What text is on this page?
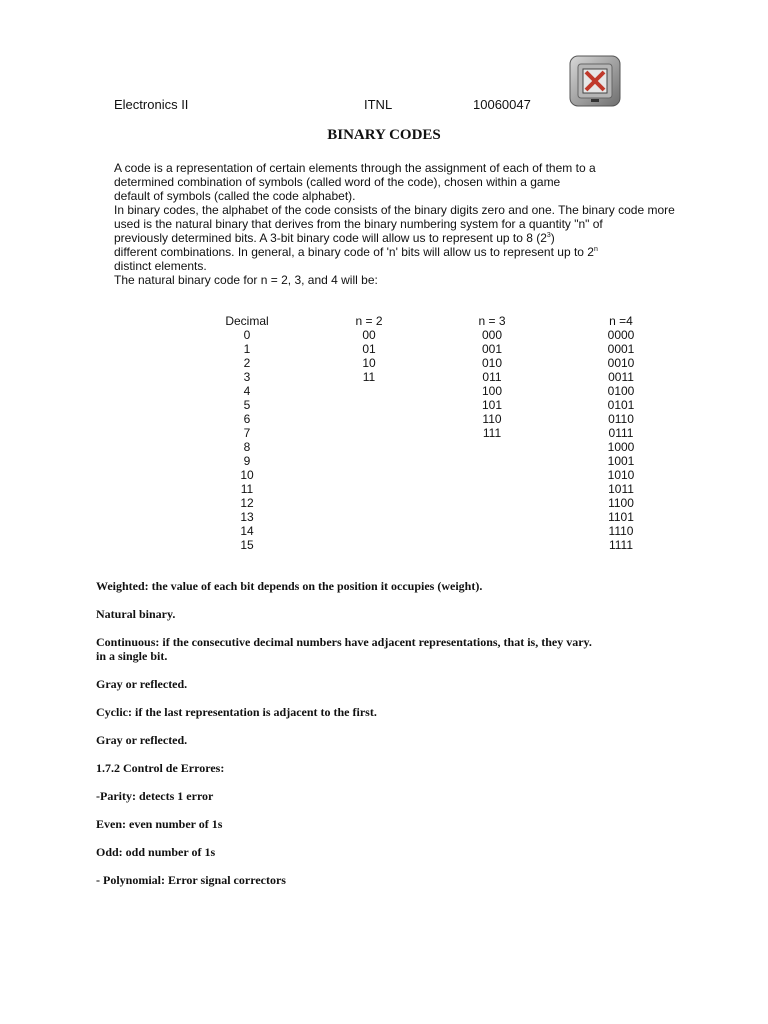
Electronics II	ITNL	10060047
BINARY CODES
A code is a representation of certain elements through the assignment of each of them to a
determined combination of symbols (called word of the code), chosen within a game
default of symbols (called the code alphabet).
In binary codes, the alphabet of the code consists of the binary digits zero and one. The binary code more
used is the natural binary that derives from the binary numbering system for a quantity "n" of
previously determined bits. A 3-bit binary code will allow us to represent up to 8 $(2^3)$
different combinations. In general, a binary code of 'n' bits will allow us to represent up to 2$^n$
distinct elements.
The natural binary code for n = 2, 3, and 4 will be:
Decimal
0
1
2
3
4
5
6
7
8
9
10
11
12
13
14
15
n = 2
00
01
10
11
n = 3
000
001
010
011
100
101
110
111
n =4
0000
0001
0010
0011
0100
0101
0110
0111
1000
1001
1010
1011
1100
1101
1110
1111
Weighted: the value of each bit depends on the position it occupies (weight).
Natural binary.
Continuous: if the consecutive decimal numbers have adjacent representations, that is, they vary.
in a single bit.
Gray or reflected.
Cyclic: if the last representation is adjacent to the first.
Gray or reflected.
1.7.2 Control de Errores:
-Parity: detects 1 error
Even: even number of 1s
Odd: odd number of 1s
- Polynomial: Error signal correctors
